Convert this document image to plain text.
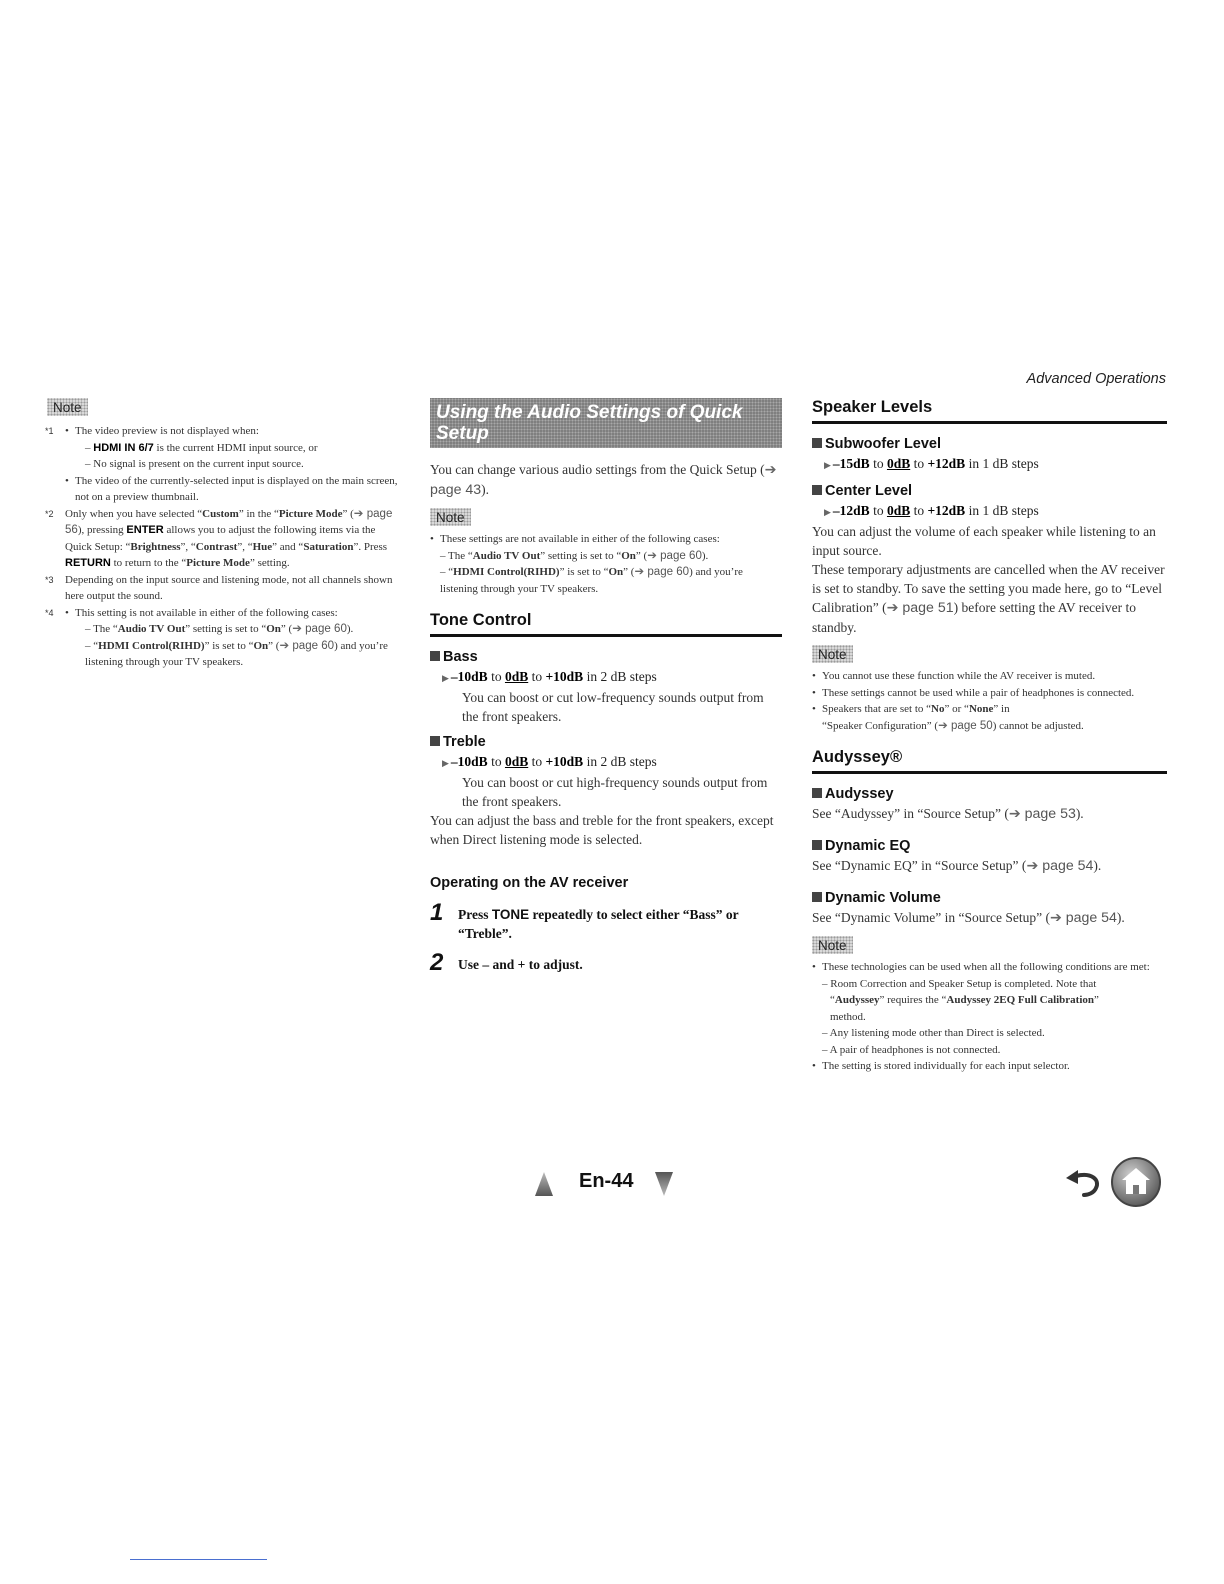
Advanced Operations
Note
*1 • The video preview is not displayed when:
– HDMI IN 6/7 is the current HDMI input source, or
– No signal is present on the current input source.
• The video of the currently-selected input is displayed on the main screen, not on a preview thumbnail.
*2 Only when you have selected “Custom” in the “Picture Mode” (➔ page 56), pressing ENTER allows you to adjust the following items via the Quick Setup: “Brightness”, “Contrast”, “Hue” and “Saturation”. Press RETURN to return to the “Picture Mode” setting.
*3 Depending on the input source and listening mode, not all channels shown here output the sound.
*4 • This setting is not available in either of the following cases:
– The “Audio TV Out” setting is set to “On” (➔ page 60).
– “HDMI Control(RIHD)” is set to “On” (➔ page 60) and you’re listening through your TV speakers.
Using the Audio Settings of Quick
Setup
You can change various audio settings from the Quick Setup (➔ page 43).
Note
• These settings are not available in either of the following cases:
– The “Audio TV Out” setting is set to “On” (➔ page 60).
– “HDMI Control(RIHD)” is set to “On” (➔ page 60) and you’re listening through your TV speakers.
Tone Control
Bass
▶ –10dB to 0dB to +10dB in 2 dB steps
You can boost or cut low-frequency sounds output from the front speakers.
Treble
▶ –10dB to 0dB to +10dB in 2 dB steps
You can boost or cut high-frequency sounds output from the front speakers.
You can adjust the bass and treble for the front speakers, except when Direct listening mode is selected.
Operating on the AV receiver
1 Press TONE repeatedly to select either “Bass” or “Treble”.
2 Use – and + to adjust.
Speaker Levels
Subwoofer Level
▶ –15dB to 0dB to +12dB in 1 dB steps
Center Level
▶ –12dB to 0dB to +12dB in 1 dB steps
You can adjust the volume of each speaker while listening to an input source.
These temporary adjustments are cancelled when the AV receiver is set to standby. To save the setting you made here, go to “Level Calibration” (➔ page 51) before setting the AV receiver to standby.
Note
• You cannot use these function while the AV receiver is muted.
• These settings cannot be used while a pair of headphones is connected.
• Speakers that are set to “No” or “None” in
“Speaker Configuration” (➔ page 50) cannot be adjusted.
Audyssey®
Audyssey
See “Audyssey” in “Source Setup” (➔ page 53).
Dynamic EQ
See “Dynamic EQ” in “Source Setup” (➔ page 54).
Dynamic Volume
See “Dynamic Volume” in “Source Setup” (➔ page 54).
Note
• These technologies can be used when all the following conditions are met:
– Room Correction and Speaker Setup is completed. Note that
“Audyssey” requires the “Audyssey 2EQ Full Calibration”
method.
– Any listening mode other than Direct is selected.
– A pair of headphones is not connected.
• The setting is stored individually for each input selector.
En-44
